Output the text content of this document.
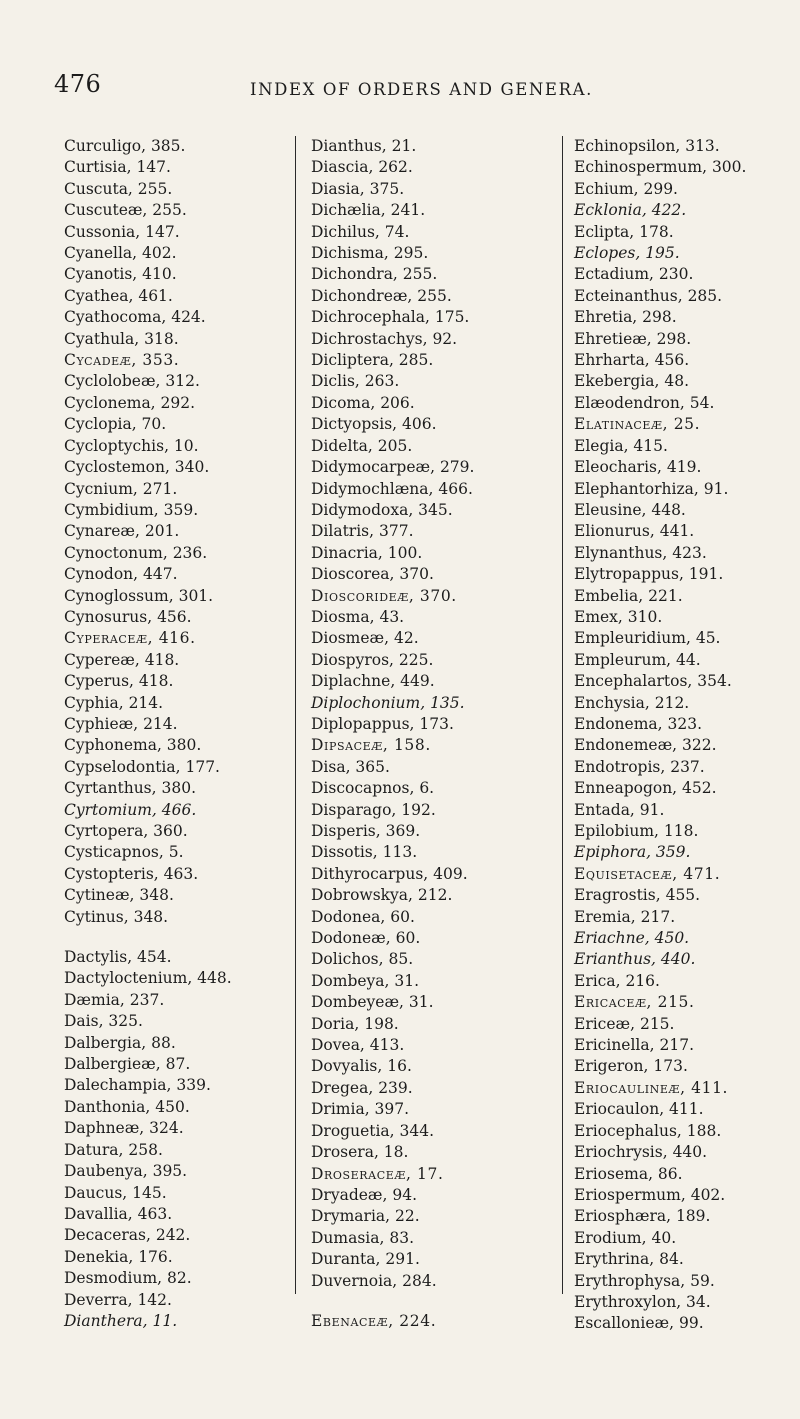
476	INDEX OF ORDERS AND GENERA.
Curculigo, 385.
Curtisia, 147.
Cuscuta, 255.
Cuscuteæ, 255.
Cussonia, 147.
Cyanella, 402.
Cyanotis, 410.
Cyathea, 461.
Cyathocoma, 424.
Cyathula, 318.
Cycadeæ, 353.
Cyclolobeæ, 312.
Cyclonema, 292.
Cyclopia, 70.
Cycloptychis, 10.
Cyclostemon, 340.
Cycnium, 271.
Cymbidium, 359.
Cynareæ, 201.
Cynoctonum, 236.
Cynodon, 447.
Cynoglossum, 301.
Cynosurus, 456.
Cyperaceæ, 416.
Cypereæ, 418.
Cyperus, 418.
Cyphia, 214.
Cyphieæ, 214.
Cyphonema, 380.
Cypselodontia, 177.
Cyrtanthus, 380.
Cyrtomium, 466.
Cyrtopera, 360.
Cysticapnos, 5.
Cystopteris, 463.
Cytineæ, 348.
Cytinus, 348.
Dactylis, 454.
Dactyloctenium, 448.
Dæmia, 237.
Dais, 325.
Dalbergia, 88.
Dalbergieæ, 87.
Dalechampia, 339.
Danthonia, 450.
Daphneæ, 324.
Datura, 258.
Daubenya, 395.
Daucus, 145.
Davallia, 463.
Decaceras, 242.
Denekia, 176.
Desmodium, 82.
Deverra, 142.
Dianthera, 11.
Dianthus, 21.
Diascia, 262.
Diasia, 375.
Dichælia, 241.
Dichilus, 74.
Dichisma, 295.
Dichondra, 255.
Dichondreæ, 255.
Dichrocephala, 175.
Dichrostachys, 92.
Dicliptera, 285.
Diclis, 263.
Dicoma, 206.
Dictyopsis, 406.
Didelta, 205.
Didymocarpeæ, 279.
Didymochlæna, 466.
Didymodoxa, 345.
Dilatris, 377.
Dinacria, 100.
Dioscorea, 370.
Dioscorideæ, 370.
Diosma, 43.
Diosmeæ, 42.
Diospyros, 225.
Diplachne, 449.
Diplochonium, 135.
Diplopappus, 173.
Dipsaceæ, 158.
Disa, 365.
Discocapnos, 6.
Disparago, 192.
Disperis, 369.
Dissotis, 113.
Dithyrocarpus, 409.
Dobrowskya, 212.
Dodonea, 60.
Dodoneæ, 60.
Dolichos, 85.
Dombeya, 31.
Dombeyeæ, 31.
Doria, 198.
Dovea, 413.
Dovyalis, 16.
Dregea, 239.
Drimia, 397.
Droguetia, 344.
Drosera, 18.
Droseraceæ, 17.
Dryadeæ, 94.
Drymaria, 22.
Dumasia, 83.
Duranta, 291.
Duvernoia, 284.
Ebenaceæ, 224.
Echinopsilon, 313.
Echinospermum, 300.
Echium, 299.
Ecklonia, 422.
Eclipta, 178.
Eclopes, 195.
Ectadium, 230.
Ecteinanthus, 285.
Ehretia, 298.
Ehretieæ, 298.
Ehrharta, 456.
Ekebergia, 48.
Elæodendron, 54.
Elatinaceæ, 25.
Elegia, 415.
Eleocharis, 419.
Elephantorhiza, 91.
Eleusine, 448.
Elionurus, 441.
Elynanthus, 423.
Elytropappus, 191.
Embelia, 221.
Emex, 310.
Empleuridium, 45.
Empleurum, 44.
Encephalartos, 354.
Enchysia, 212.
Endonema, 323.
Endonemeæ, 322.
Endotropis, 237.
Enneapogon, 452.
Entada, 91.
Epilobium, 118.
Epiphora, 359.
Equisetaceæ, 471.
Eragrostis, 455.
Eremia, 217.
Eriachne, 450.
Erianthus, 440.
Erica, 216.
Ericaceæ, 215.
Ericeæ, 215.
Ericinella, 217.
Erigeron, 173.
Eriocaulineæ, 411.
Eriocaulon, 411.
Eriocephalus, 188.
Eriochrysis, 440.
Eriosema, 86.
Eriospermum, 402.
Eriosphæra, 189.
Erodium, 40.
Erythrina, 84.
Erythrophysa, 59.
Erythroxylon, 34.
Escallonieæ, 99.
